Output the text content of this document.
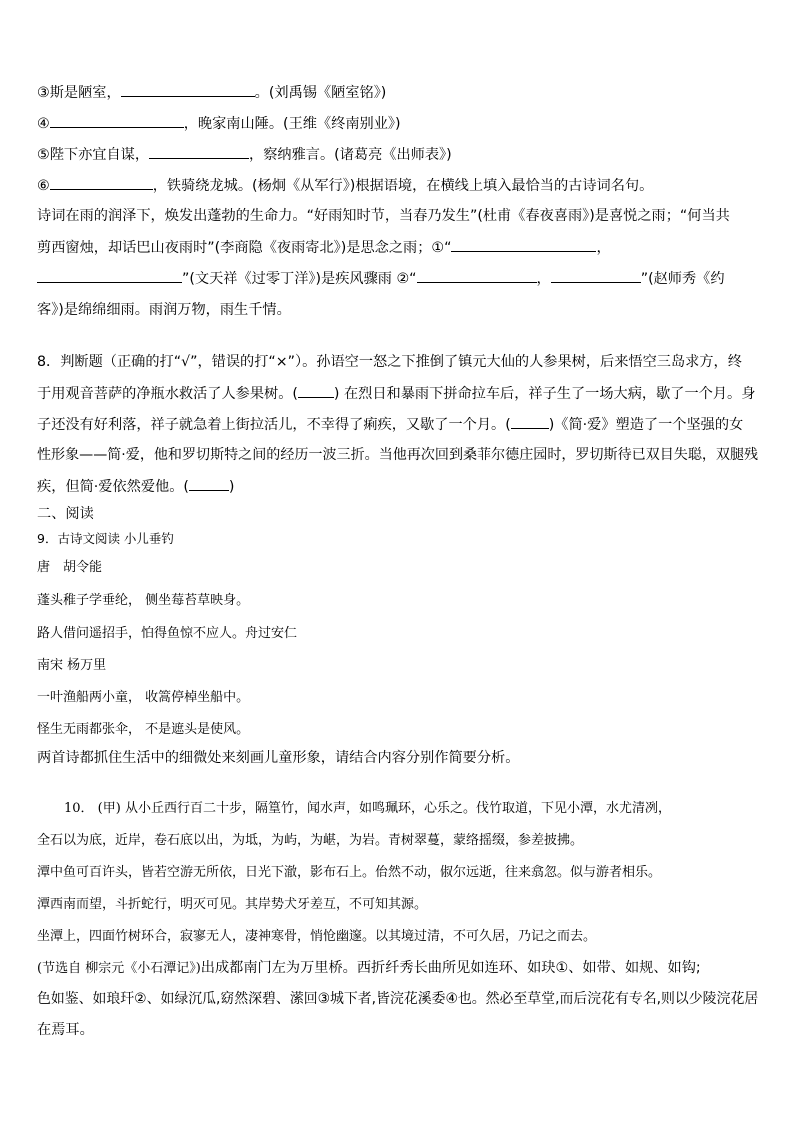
③斯是陋室，	。(刘禹锡《陋室铭》)
④	，晚家南山陲。(王维《终南别业》)
⑤陛下亦宜自谋，	，察纳雅言。(诸葛亮《出师表》)
⑥	，铁骑绕龙城。(杨炯《从军行》)根据语境，在横线上填入最恰当的古诗词名句。
诗词在雨的润泽下，焕发出蓬勃的生命力。“好雨知时节，当春乃发生”(杜甫《春夜喜雨》)是喜悦之雨；“何当共
剪西窗烛，却话巴山夜雨时”(李商隐《夜雨寄北》)是思念之雨；①“	，
”(文天祥《过零丁洋》)是疾风骤雨 ②“	，	”(赵师秀《约
客》)是绵绵细雨。雨润万物，雨生千情。
8．判断题（正确的打“√”，错误的打“×”）。孙语空一怒之下推倒了镇元大仙的人参果树，后来悟空三岛求方，终
于用观音菩萨的净瓶水救活了人参果树。(	) 在烈日和暴雨下拼命拉车后，祥子生了一场大病，歇了一个月。身
子还没有好利落，祥子就急着上街拉活儿，不幸得了痢疾，又歇了一个月。(	)《简·爱》塑造了一个坚强的女
性形象——简·爱，他和罗切斯特之间的经历一波三折。当他再次回到桑菲尔德庄园时，罗切斯待已双目失聪，双腿残
疾，但简·爱依然爱他。(	)
二、阅读
9．古诗文阅读 小儿垂钓
唐　胡令能
蓬头稚子学垂纶， 侧坐莓苔草映身。
路人借问遥招手，怕得鱼惊不应人。舟过安仁
南宋 杨万里
一叶渔船两小童， 收篙停棹坐船中。
怪生无雨都张伞， 不是遮头是使风。
两首诗都抓住生活中的细微处来刻画儿童形象，请结合内容分别作简要分析。
10． (甲) 从小丘西行百二十步，隔篁竹，闻水声，如鸣珮环，心乐之。伐竹取道，下见小潭，水尤清冽，
全石以为底，近岸，卷石底以出，为坻，为屿，为嵁，为岩。青树翠蔓，蒙络摇缀，参差披拂。
潭中鱼可百许头，皆若空游无所依，日光下澈，影布石上。佁然不动，俶尔远逝，往来翕忽。似与游者相乐。
潭西南而望，斗折蛇行，明灭可见。其岸势犬牙差互，不可知其源。
坐潭上，四面竹树环合，寂寥无人，凄神寒骨，悄怆幽邃。以其境过清，不可久居，乃记之而去。
(节选自 柳宗元《小石潭记》)出成都南门左为万里桥。西折纤秀长曲所见如连环、如玦①、如带、如规、如钩;
色如鉴、如琅玕②、如绿沉瓜,窈然深碧、潆回③城下者,皆浣花溪委④也。然必至草堂,而后浣花有专名,则以少陵浣花居
在焉耳。
